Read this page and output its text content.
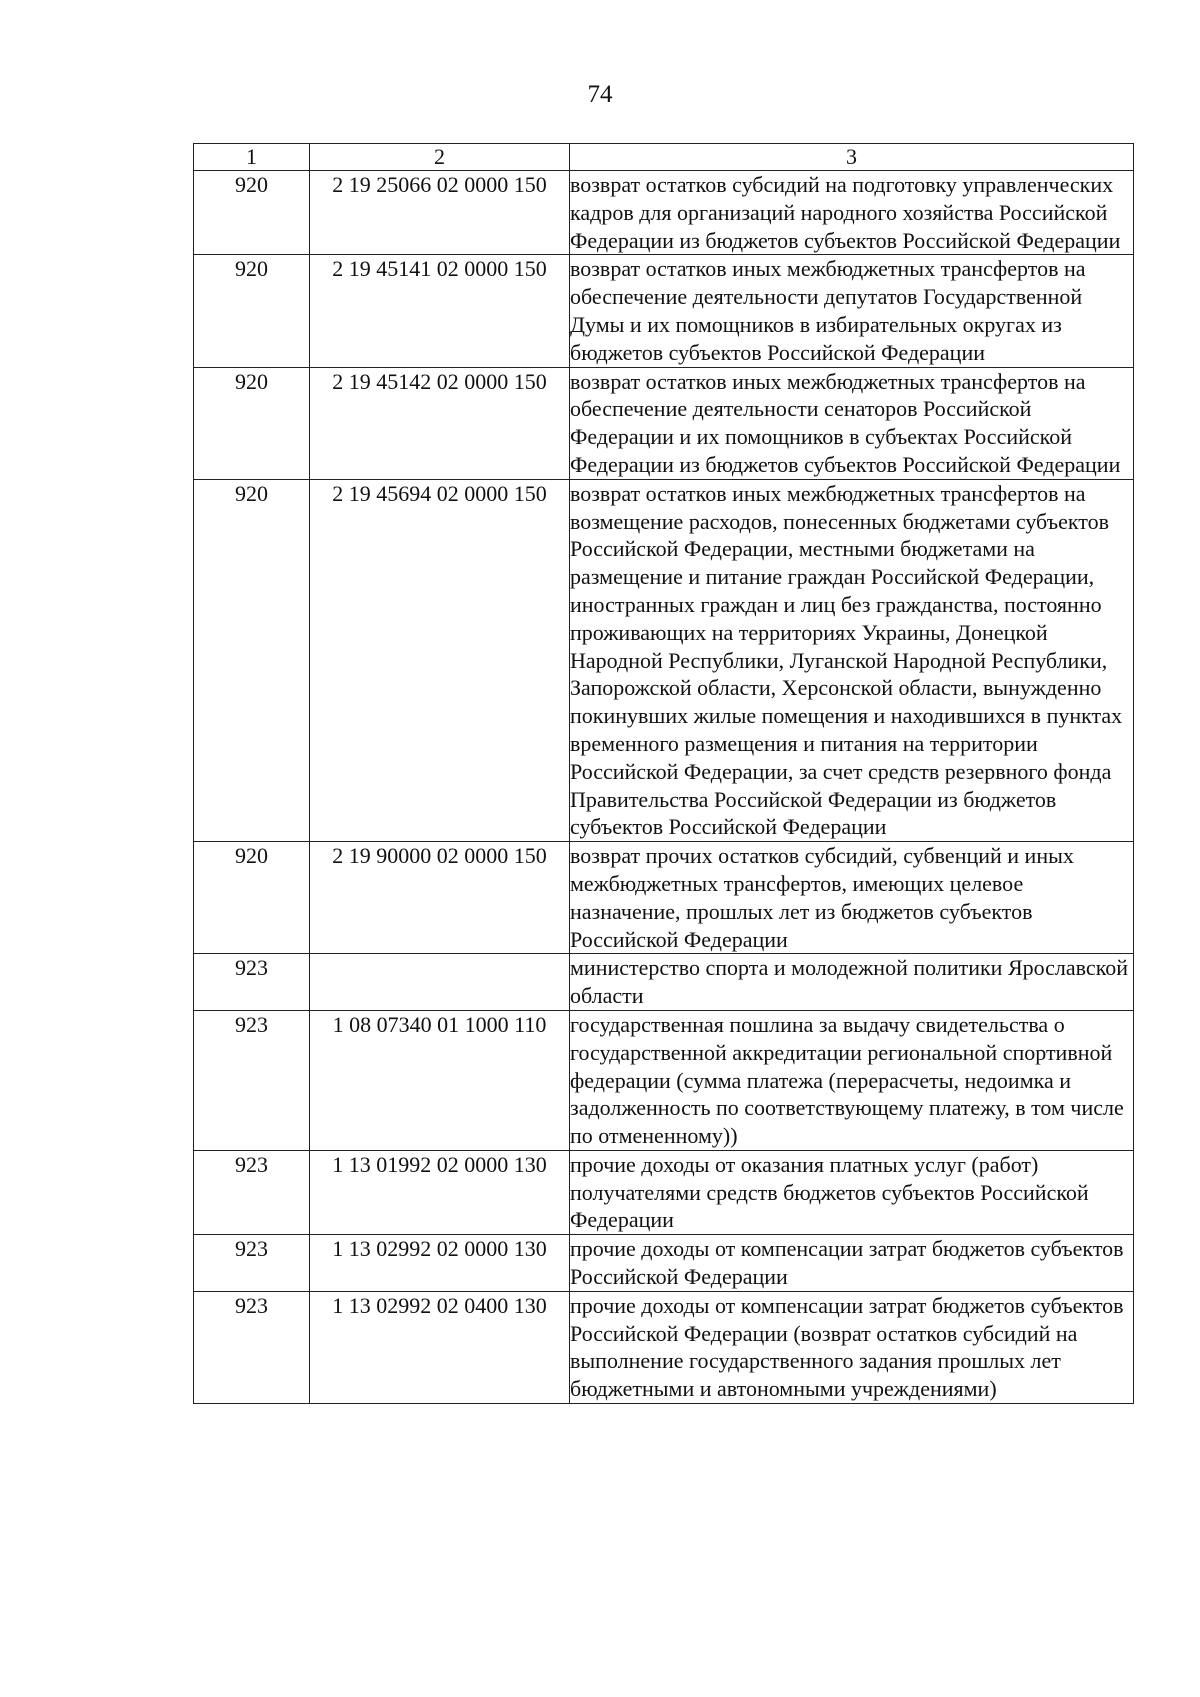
74
1	2	3
920	2 19 25066 02 0000 150	возврат остатков субсидий на подготовку управленческих кадров для организаций народного хозяйства Российской Федерации из бюджетов субъектов Российской Федерации
920	2 19 45141 02 0000 150	возврат остатков иных межбюджетных трансфертов на обеспечение деятельности депутатов Государственной Думы и их помощников в избирательных округах из бюджетов субъектов Российской Федерации
920	2 19 45142 02 0000 150	возврат остатков иных межбюджетных трансфертов на обеспечение деятельности сенаторов Российской Федерации и их помощников в субъектах Российской Федерации из бюджетов субъектов Российской Федерации
920	2 19 45694 02 0000 150	возврат остатков иных межбюджетных трансфертов на возмещение расходов, понесенных бюджетами субъектов Российской Федерации, местными бюджетами на размещение и питание граждан Российской Федерации, иностранных граждан и лиц без гражданства, постоянно проживающих на территориях Украины, Донецкой Народной Республики, Луганской Народной Республики, Запорожской области, Херсонской области, вынужденно покинувших жилые помещения и находившихся в пунктах временного размещения и питания на территории Российской Федерации, за счет средств резервного фонда Правительства Российской Федерации из бюджетов субъектов Российской Федерации
920	2 19 90000 02 0000 150	возврат прочих остатков субсидий, субвенций и иных межбюджетных трансфертов, имеющих целевое назначение, прошлых лет из бюджетов субъектов Российской Федерации
923		министерство спорта и молодежной политики Ярославской области
923	1 08 07340 01 1000 110	государственная пошлина за выдачу свидетельства о государственной аккредитации региональной спортивной федерации (сумма платежа (перерасчеты, недоимка и задолженность по соответствующему платежу, в том числе по отмененному))
923	1 13 01992 02 0000 130	прочие доходы от оказания платных услуг (работ) получателями средств бюджетов субъектов Российской Федерации
923	1 13 02992 02 0000 130	прочие доходы от компенсации затрат бюджетов субъектов Российской Федерации
923	1 13 02992 02 0400 130	прочие доходы от компенсации затрат бюджетов субъектов Российской Федерации (возврат остатков субсидий на выполнение государственного задания прошлых лет бюджетными и автономными учреждениями)
